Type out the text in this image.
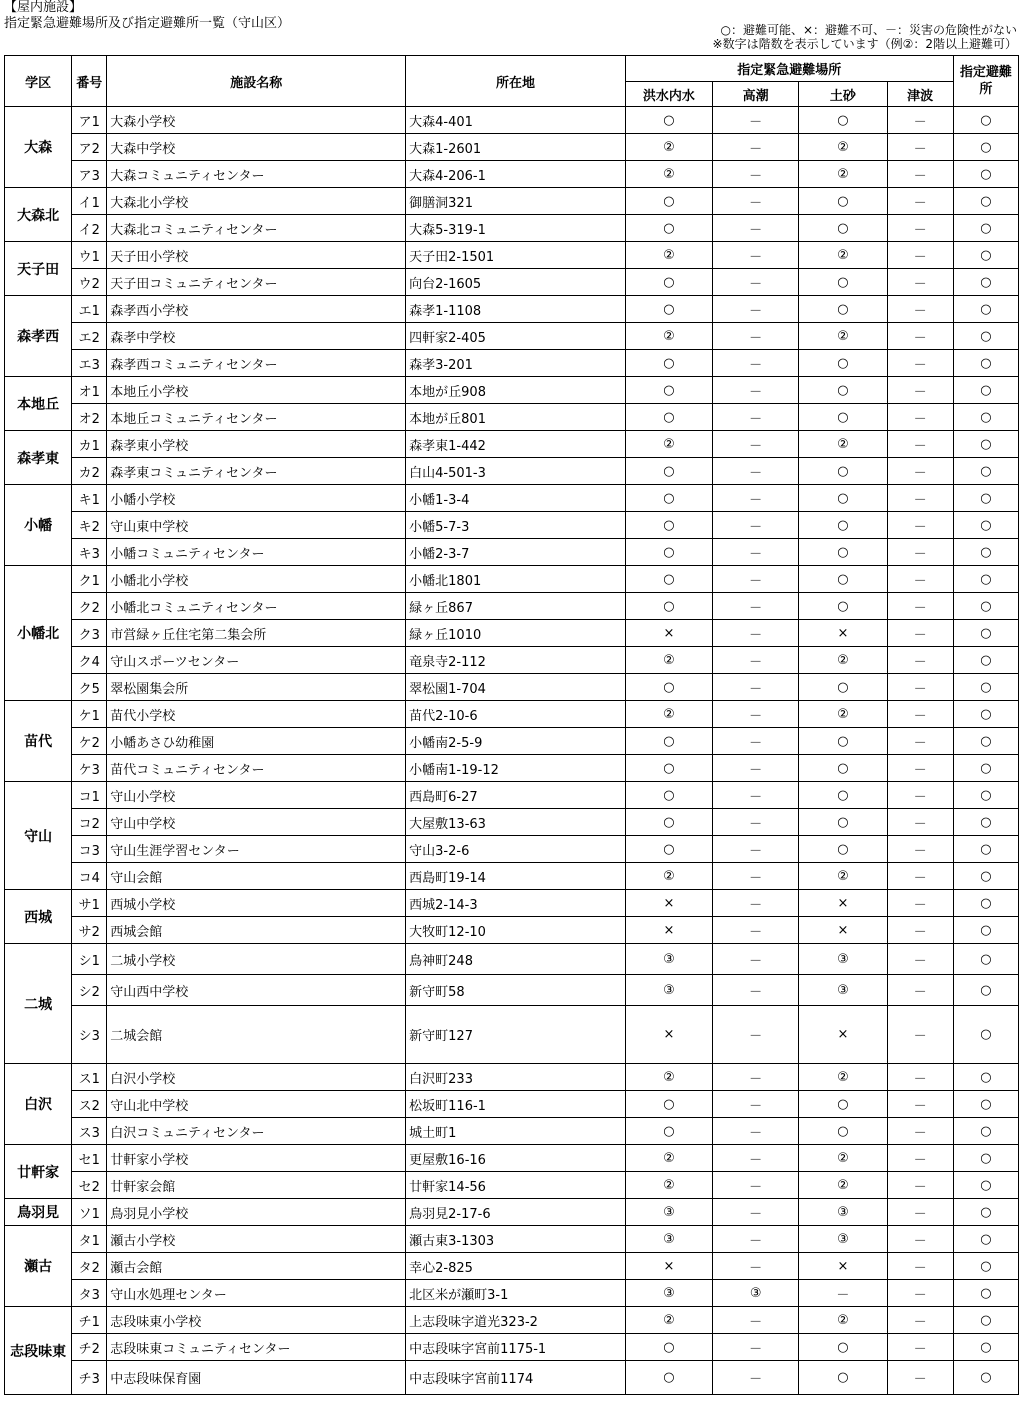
【屋内施設】
指定緊急避難場所及び指定避難所一覧（守山区）	○：避難可能、×：避難不可、－：災害の危険性がない
※数字は階数を表示しています（例②：2階以上避難可）
学区	番号	施設名称	所在地	指定緊急避難場所				指定避難所
				洪水内水	高潮	土砂	津波	
大森	ア1	大森小学校	大森4-401	○	－	○	－	○
	ア2	大森中学校	大森1-2601	②	－	②	－	○
	ア3	大森コミュニティセンター	大森4-206-1	②	－	②	－	○
大森北	イ1	大森北小学校	御膳洞321	○	－	○	－	○
	イ2	大森北コミュニティセンター	大森5-319-1	○	－	○	－	○
天子田	ウ1	天子田小学校	天子田2-1501	②	－	②	－	○
	ウ2	天子田コミュニティセンター	向台2-1605	○	－	○	－	○
森孝西	エ1	森孝西小学校	森孝1-1108	○	－	○	－	○
	エ2	森孝中学校	四軒家2-405	②	－	②	－	○
	エ3	森孝西コミュニティセンター	森孝3-201	○	－	○	－	○
本地丘	オ1	本地丘小学校	本地が丘908	○	－	○	－	○
	オ2	本地丘コミュニティセンター	本地が丘801	○	－	○	－	○
森孝東	カ1	森孝東小学校	森孝東1-442	②	－	②	－	○
	カ2	森孝東コミュニティセンター	白山4-501-3	○	－	○	－	○
小幡	キ1	小幡小学校	小幡1-3-4	○	－	○	－	○
	キ2	守山東中学校	小幡5-7-3	○	－	○	－	○
	キ3	小幡コミュニティセンター	小幡2-3-7	○	－	○	－	○
小幡北	ク1	小幡北小学校	小幡北1801	○	－	○	－	○
	ク2	小幡北コミュニティセンター	緑ヶ丘867	○	－	○	－	○
	ク3	市営緑ヶ丘住宅第二集会所	緑ヶ丘1010	×	－	×	－	○
	ク4	守山スポーツセンター	竜泉寺2-112	②	－	②	－	○
	ク5	翠松園集会所	翠松園1-704	○	－	○	－	○
苗代	ケ1	苗代小学校	苗代2-10-6	②	－	②	－	○
	ケ2	小幡あさひ幼稚園	小幡南2-5-9	○	－	○	－	○
	ケ3	苗代コミュニティセンター	小幡南1-19-12	○	－	○	－	○
守山	コ1	守山小学校	西島町6-27	○	－	○	－	○
	コ2	守山中学校	大屋敷13-63	○	－	○	－	○
	コ3	守山生涯学習センター	守山3-2-6	○	－	○	－	○
	コ4	守山会館	西島町19-14	②	－	②	－	○
西城	サ1	西城小学校	西城2-14-3	×	－	×	－	○
	サ2	西城会館	大牧町12-10	×	－	×	－	○
二城	シ1	二城小学校	鳥神町248	③	－	③	－	○
	シ2	守山西中学校	新守町58	③	－	③	－	○
	シ3	二城会館	新守町127	×	－	×	－	○
白沢	ス1	白沢小学校	白沢町233	②	－	②	－	○
	ス2	守山北中学校	松坂町116-1	○	－	○	－	○
	ス3	白沢コミュニティセンター	城土町1	○	－	○	－	○
廿軒家	セ1	廿軒家小学校	更屋敷16-16	②	－	②	－	○
	セ2	廿軒家会館	廿軒家14-56	②	－	②	－	○
鳥羽見	ソ1	鳥羽見小学校	鳥羽見2-17-6	③	－	③	－	○
瀬古	タ1	瀬古小学校	瀬古東3-1303	③	－	③	－	○
	タ2	瀬古会館	幸心2-825	×	－	×	－	○
	タ3	守山水処理センター	北区米が瀬町3-1	③	③	－	－	○
志段味東	チ1	志段味東小学校	上志段味字道光323-2	②	－	②	－	○
	チ2	志段味東コミュニティセンター	中志段味字宮前1175-1	○	－	○	－	○
	チ3	中志段味保育園	中志段味字宮前1174	○	－	○	－	○
